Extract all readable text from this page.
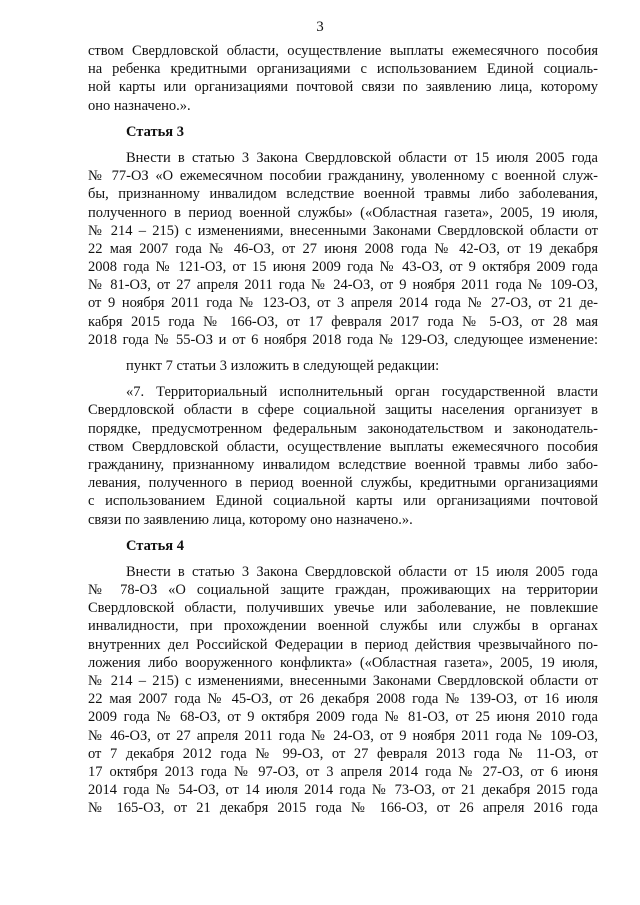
3
ством Свердловской области, осуществление выплаты ежемесячного пособия
на ребенка кредитными организациями с использованием Единой социаль-
ной карты или организациями почтовой связи по заявлению лица, которому
оно назначено.».
Статья 3
Внести в статью 3 Закона Свердловской области от 15 июля 2005 года
№ 77-ОЗ «О ежемесячном пособии гражданину, уволенному с военной служ-
бы, признанному инвалидом вследствие военной травмы либо заболевания,
полученного в период военной службы» («Областная газета», 2005, 19 июля,
№ 214 – 215) с изменениями, внесенными Законами Свердловской области от
22 мая 2007 года № 46-ОЗ, от 27 июня 2008 года № 42-ОЗ, от 19 декабря
2008 года № 121-ОЗ, от 15 июня 2009 года № 43-ОЗ, от 9 октября 2009 года
№ 81-ОЗ, от 27 апреля 2011 года № 24-ОЗ, от 9 ноября 2011 года № 109-ОЗ,
от 9 ноября 2011 года № 123-ОЗ, от 3 апреля 2014 года № 27-ОЗ, от 21 де-
кабря 2015 года № 166-ОЗ, от 17 февраля 2017 года № 5-ОЗ, от 28 мая
2018 года № 55-ОЗ и от 6 ноября 2018 года № 129-ОЗ, следующее изменение:
пункт 7 статьи 3 изложить в следующей редакции:
«7. Территориальный исполнительный орган государственной власти
Свердловской области в сфере социальной защиты населения организует в
порядке, предусмотренном федеральным законодательством и законодатель-
ством Свердловской области, осуществление выплаты ежемесячного пособия
гражданину, признанному инвалидом вследствие военной травмы либо забо-
левания, полученного в период военной службы, кредитными организациями
с использованием Единой социальной карты или организациями почтовой
связи по заявлению лица, которому оно назначено.».
Статья 4
Внести в статью 3 Закона Свердловской области от 15 июля 2005 года
№ 78-ОЗ «О социальной защите граждан, проживающих на территории
Свердловской области, получивших увечье или заболевание, не повлекшие
инвалидности, при прохождении военной службы или службы в органах
внутренних дел Российской Федерации в период действия чрезвычайного по-
ложения либо вооруженного конфликта» («Областная газета», 2005, 19 июля,
№ 214 – 215) с изменениями, внесенными Законами Свердловской области от
22 мая 2007 года № 45-ОЗ, от 26 декабря 2008 года № 139-ОЗ, от 16 июля
2009 года № 68-ОЗ, от 9 октября 2009 года № 81-ОЗ, от 25 июня 2010 года
№ 46-ОЗ, от 27 апреля 2011 года № 24-ОЗ, от 9 ноября 2011 года № 109-ОЗ,
от 7 декабря 2012 года № 99-ОЗ, от 27 февраля 2013 года № 11-ОЗ, от
17 октября 2013 года № 97-ОЗ, от 3 апреля 2014 года № 27-ОЗ, от 6 июня
2014 года № 54-ОЗ, от 14 июля 2014 года № 73-ОЗ, от 21 декабря 2015 года
№ 165-ОЗ, от 21 декабря 2015 года № 166-ОЗ, от 26 апреля 2016 года
